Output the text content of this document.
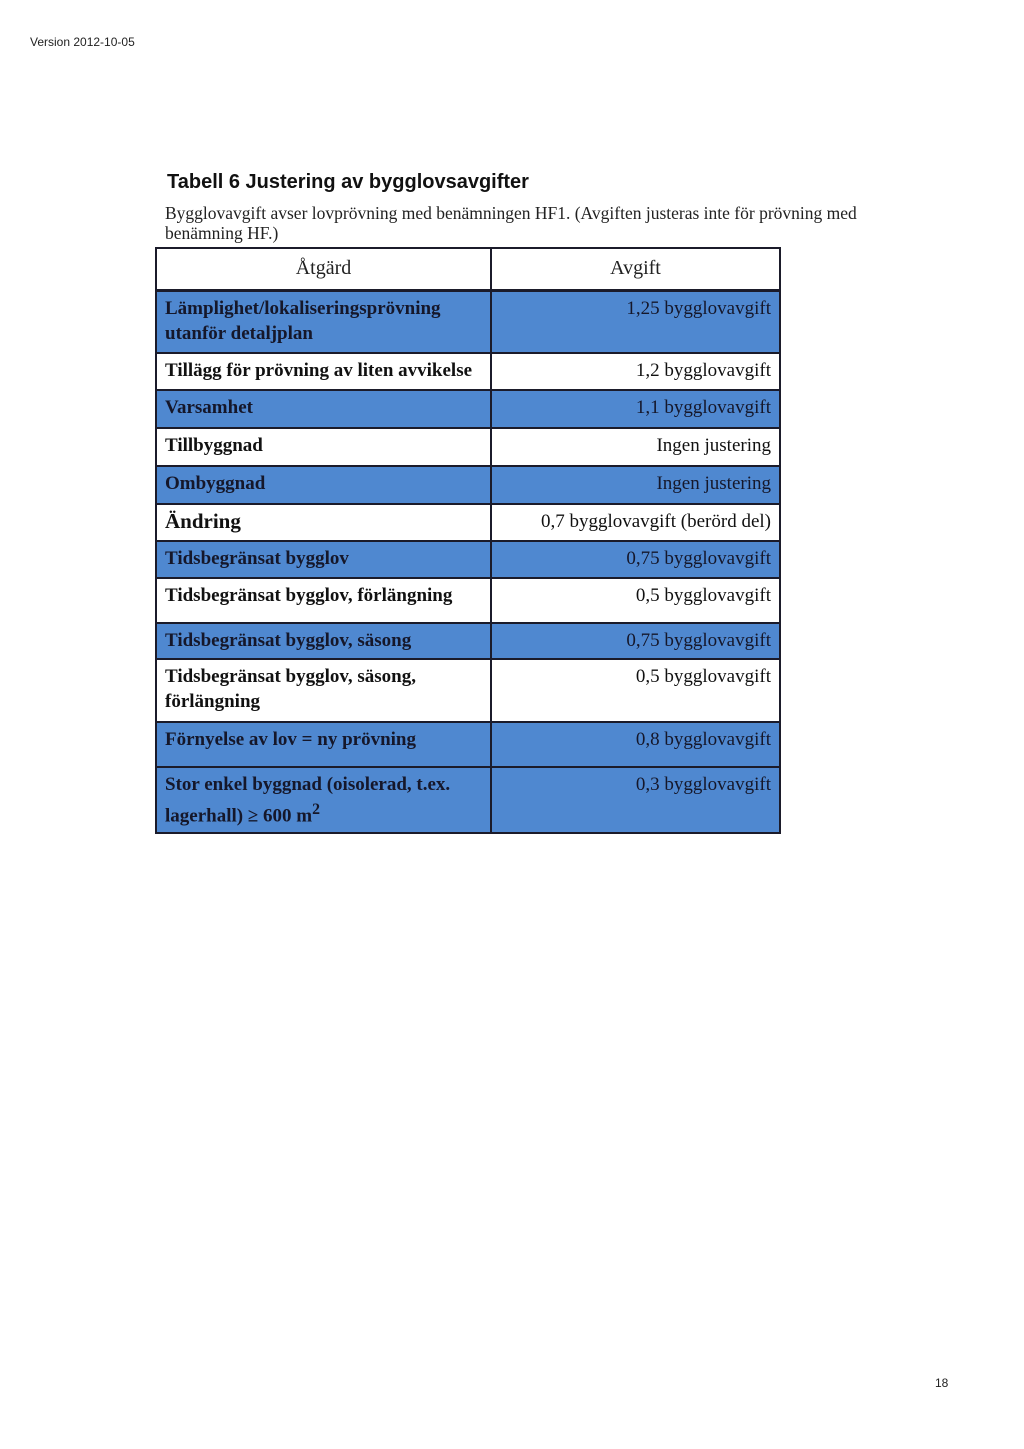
Version 2012-10-05
Tabell 6 Justering av bygglovsavgifter
Bygglovavgift avser lovprövning med benämningen HF1. (Avgiften justeras inte för prövning med benämning HF.)
Åtgärd	Avgift
Lämplighet/lokaliseringsprövning utanför detaljplan	1,25 bygglovavgift
Tillägg för prövning av liten avvikelse	1,2 bygglovavgift
Varsamhet	1,1 bygglovavgift
Tillbyggnad	Ingen justering
Ombyggnad	Ingen justering
Ändring	0,7 bygglovavgift (berörd del)
Tidsbegränsat bygglov	0,75 bygglovavgift
Tidsbegränsat bygglov, förlängning	0,5 bygglovavgift
Tidsbegränsat bygglov, säsong	0,75 bygglovavgift
Tidsbegränsat bygglov, säsong, förlängning	0,5 bygglovavgift
Förnyelse av lov = ny prövning	0,8 bygglovavgift
Stor enkel byggnad (oisolerad, t.ex. lagerhall) ≥ 600 $m^2$	0,3 bygglovavgift
18
